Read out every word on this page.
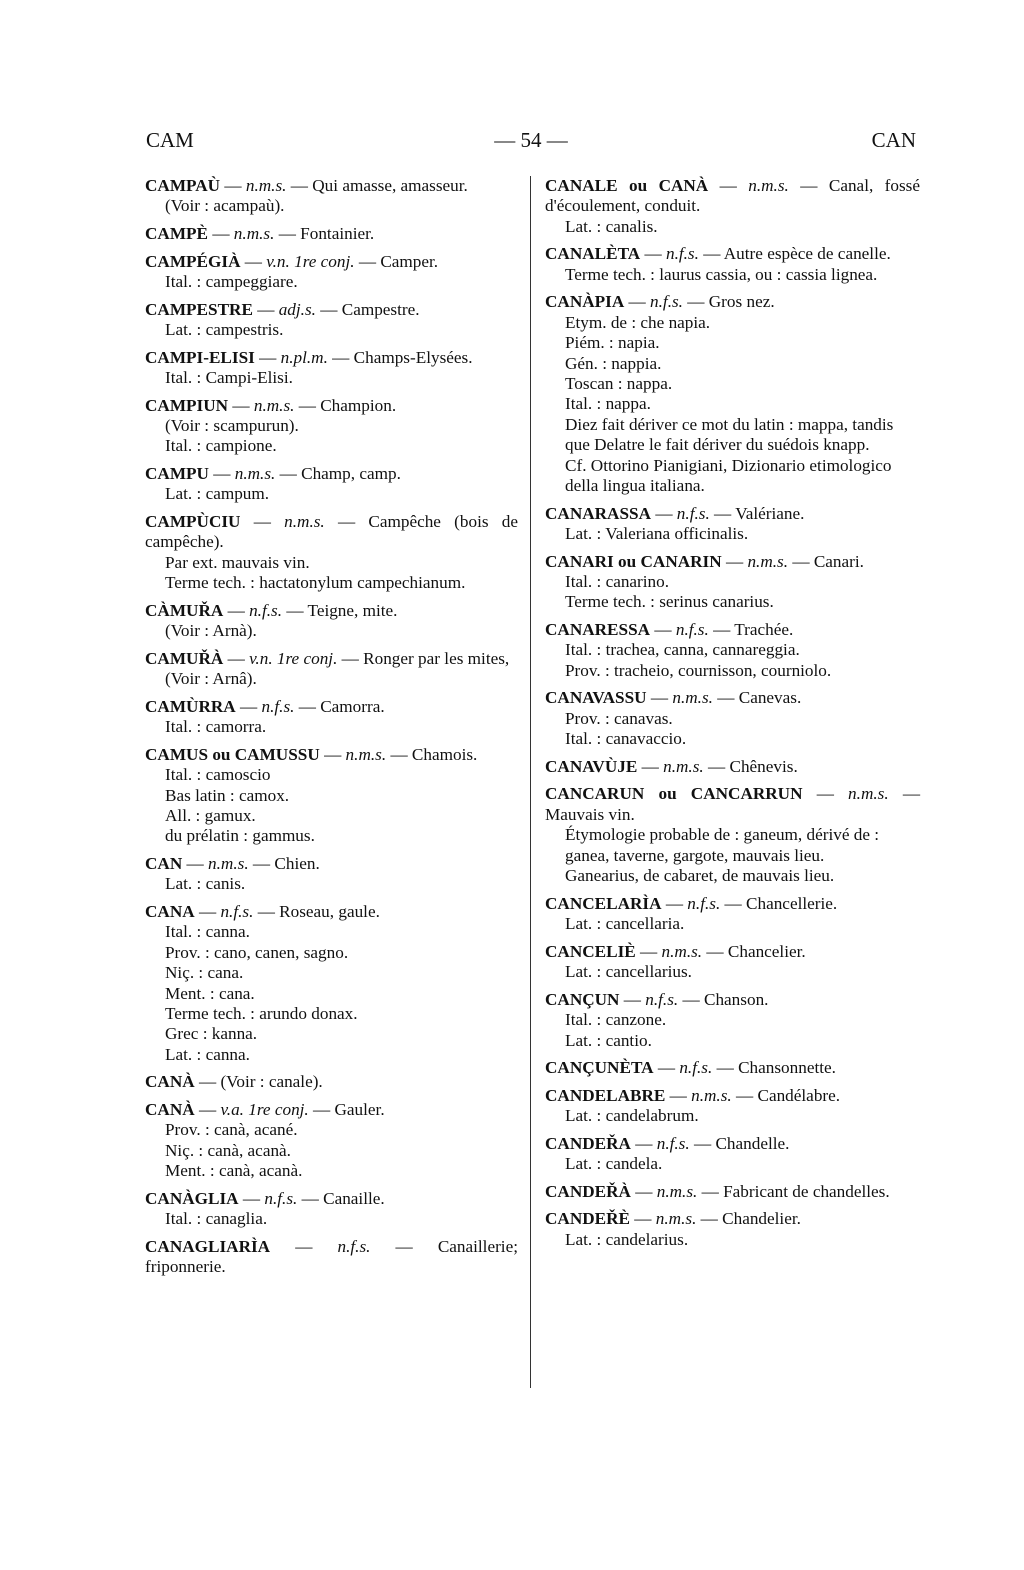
CAM	— 54 —	CAN
CAMPAÙ — n.m.s. — Qui amasse, amasseur.
(Voir : acampaù).
CAMPÈ — n.m.s. — Fontainier.
CAMPÉGIÀ — v.n. 1re conj. — Camper.
Ital. : campeggiare.
CAMPESTRE — adj.s. — Campestre.
Lat. : campestris.
CAMPI-ELISI — n.pl.m. — Champs-Elysées.
Ital. : Campi-Elisi.
CAMPIUN — n.m.s. — Champion.
(Voir : scampurun).
Ital. : campione.
CAMPU — n.m.s. — Champ, camp.
Lat. : campum.
CAMPÙCIU — n.m.s. — Campêche (bois de campêche).
Par ext. mauvais vin.
Terme tech. : hactatonylum campechianum.
CÀMUŘA — n.f.s. — Teigne, mite.
(Voir : Arnà).
CAMUŘÀ — v.n. 1re conj. — Ronger par les mites,
(Voir : Arnâ).
CAMÙRRA — n.f.s. — Camorra.
Ital. : camorra.
CAMUS ou CAMUSSU — n.m.s. — Chamois.
Ital. : camoscio
Bas latin : camox.
All. : gamux.
du prélatin : gammus.
CAN — n.m.s. — Chien.
Lat. : canis.
CANA — n.f.s. — Roseau, gaule.
Ital. : canna.
Prov. : cano, canen, sagno.
Niç. : cana.
Ment. : cana.
Terme tech. : arundo donax.
Grec : kanna.
Lat. : canna.
CANÀ — (Voir : canale).
CANÀ — v.a. 1re conj. — Gauler.
Prov. : canà, acané.
Niç. : canà, acanà.
Ment. : canà, acanà.
CANÀGLIA — n.f.s. — Canaille.
Ital. : canaglia.
CANAGLIARÌA — n.f.s. — Canaillerie; friponnerie.
CANALE ou CANÀ — n.m.s. — Canal, fossé d'écoulement, conduit.
Lat. : canalis.
CANALÈTA — n.f.s. — Autre espèce de canelle.
Terme tech. : laurus cassia, ou : cassia lignea.
CANÀPIA — n.f.s. — Gros nez.
Etym. de : che napia.
Piém. : napia.
Gén. : nappia.
Toscan : nappa.
Ital. : nappa.
Diez fait dériver ce mot du latin : mappa, tandis que Delatre le fait dériver du suédois knapp.
Cf. Ottorino Pianigiani, Dizionario etimologico della lingua italiana.
CANARASSA — n.f.s. — Valériane.
Lat. : Valeriana officinalis.
CANARI ou CANARIN — n.m.s. — Canari.
Ital. : canarino.
Terme tech. : serinus canarius.
CANARESSA — n.f.s. — Trachée.
Ital. : trachea, canna, cannareggia.
Prov. : tracheio, cournisson, courniolo.
CANAVASSU — n.m.s. — Canevas.
Prov. : canavas.
Ital. : canavaccio.
CANAVÙJE — n.m.s. — Chênevis.
CANCARUN ou CANCARRUN — n.m.s. — Mauvais vin.
Étymologie probable de : ganeum, dérivé de : ganea, taverne, gargote, mauvais lieu.
Ganearius, de cabaret, de mauvais lieu.
CANCELARÌA — n.f.s. — Chancellerie.
Lat. : cancellaria.
CANCELIÈ — n.m.s. — Chancelier.
Lat. : cancellarius.
CANÇUN — n.f.s. — Chanson.
Ital. : canzone.
Lat. : cantio.
CANÇUNÈTA — n.f.s. — Chansonnette.
CANDELABRE — n.m.s. — Candélabre.
Lat. : candelabrum.
CANDEŘA — n.f.s. — Chandelle.
Lat. : candela.
CANDEŘÀ — n.m.s. — Fabricant de chandelles.
CANDEŘÈ — n.m.s. — Chandelier.
Lat. : candelarius.
